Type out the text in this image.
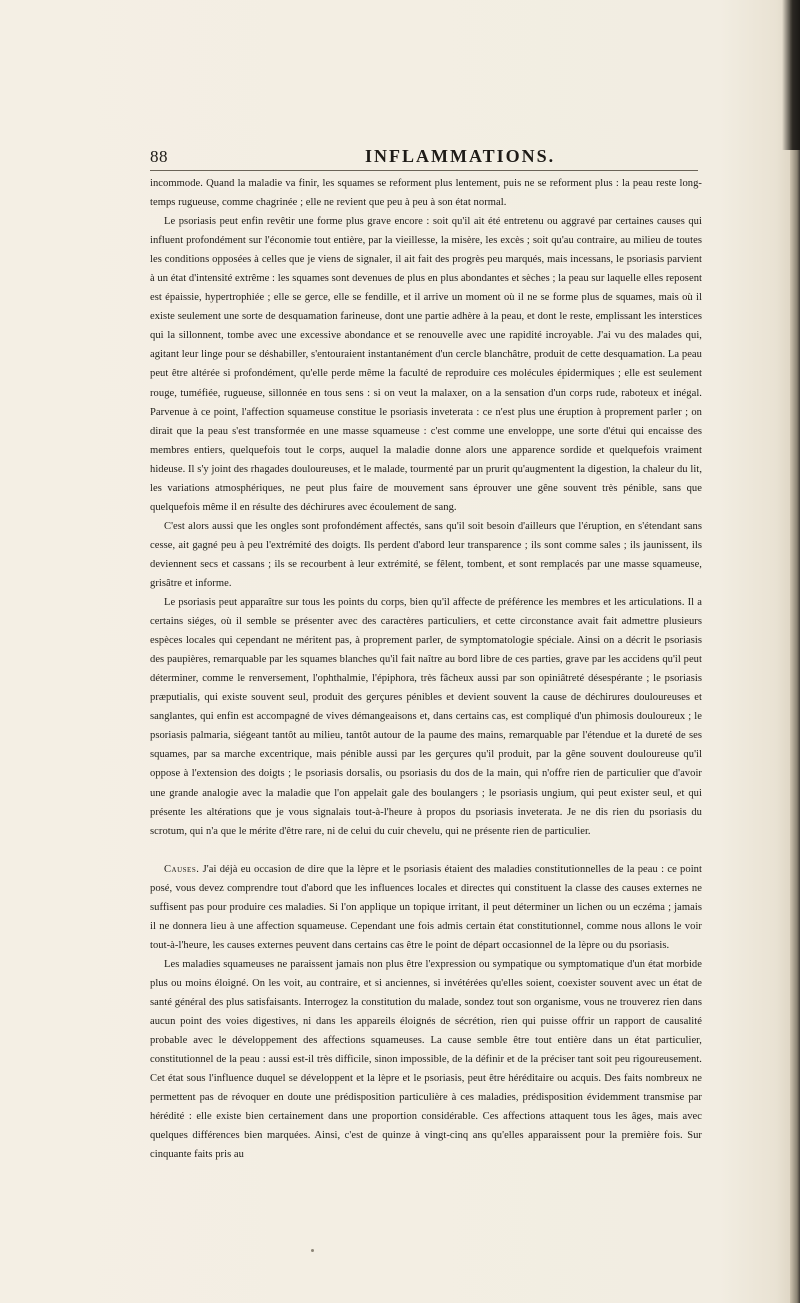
88	INFLAMMATIONS.

incommode. Quand la maladie va finir, les squames se reforment plus lentement, puis ne se reforment plus : la peau reste long-temps rugueuse, comme chagrinée ; elle ne revient que peu à peu à son état normal.

Le psoriasis peut enfin revêtir une forme plus grave encore : soit qu'il ait été entretenu ou aggravé par certaines causes qui influent profondément sur l'économie tout entière, par la vieillesse, la misère, les excès ; soit qu'au contraire, au milieu de toutes les conditions opposées à celles que je viens de signaler, il ait fait des progrès peu marqués, mais incessans, le psoriasis parvient à un état d'intensité extrême : les squames sont devenues de plus en plus abondantes et sèches ; la peau sur laquelle elles reposent est épaissie, hypertrophiée ; elle se gerce, elle se fendille, et il arrive un moment où il ne se forme plus de squames, mais où il existe seulement une sorte de desquamation farineuse, dont une partie adhère à la peau, et dont le reste, emplissant les interstices qui la sillonnent, tombe avec une excessive abondance et se renouvelle avec une rapidité incroyable. J'ai vu des malades qui, agitant leur linge pour se déshabiller, s'entouraient instantanément d'un cercle blanchâtre, produit de cette desquamation. La peau peut être altérée si profondément, qu'elle perde même la faculté de reproduire ces molécules épidermiques ; elle est seulement rouge, tuméfiée, rugueuse, sillonnée en tous sens : si on veut la malaxer, on a la sensation d'un corps rude, raboteux et inégal. Parvenue à ce point, l'affection squameuse constitue le psoriasis inveterata : ce n'est plus une éruption à proprement parler ; on dirait que la peau s'est transformée en une masse squameuse : c'est comme une enveloppe, une sorte d'étui qui encaisse des membres entiers, quelquefois tout le corps, auquel la maladie donne alors une apparence sordide et quelquefois vraiment hideuse. Il s'y joint des rhagades douloureuses, et le malade, tourmenté par un prurit qu'augmentent la digestion, la chaleur du lit, les variations atmosphériques, ne peut plus faire de mouvement sans éprouver une gêne souvent très pénible, sans que quelquefois même il en résulte des déchirures avec écoulement de sang.

C'est alors aussi que les ongles sont profondément affectés, sans qu'il soit besoin d'ailleurs que l'éruption, en s'étendant sans cesse, ait gagné peu à peu l'extrémité des doigts. Ils perdent d'abord leur transparence ; ils sont comme sales ; ils jaunissent, ils deviennent secs et cassans ; ils se recourbent à leur extrémité, se fêlent, tombent, et sont remplacés par une masse squameuse, grisâtre et informe.

Le psoriasis peut apparaître sur tous les points du corps, bien qu'il affecte de préférence les membres et les articulations. Il a certains siéges, où il semble se présenter avec des caractères particuliers, et cette circonstance avait fait admettre plusieurs espèces locales qui cependant ne méritent pas, à proprement parler, de symptomatologie spéciale. Ainsi on a décrit le psoriasis des paupières, remarquable par les squames blanches qu'il fait naître au bord libre de ces parties, grave par les accidens qu'il peut déterminer, comme le renversement, l'ophthalmie, l'épiphora, très fâcheux aussi par son opiniâtreté désespérante ; le psoriasis præputialis, qui existe souvent seul, produit des gerçures pénibles et devient souvent la cause de déchirures douloureuses et sanglantes, qui enfin est accompagné de vives démangeaisons et, dans certains cas, est compliqué d'un phimosis douloureux ; le psoriasis palmaria, siégeant tantôt au milieu, tantôt autour de la paume des mains, remarquable par l'étendue et la dureté de ses squames, par sa marche excentrique, mais pénible aussi par les gerçures qu'il produit, par la gêne souvent douloureuse qu'il oppose à l'extension des doigts ; le psoriasis dorsalis, ou psoriasis du dos de la main, qui n'offre rien de particulier que d'avoir une grande analogie avec la maladie que l'on appelait gale des boulangers ; le psoriasis ungium, qui peut exister seul, et qui présente les altérations que je vous signalais tout-à-l'heure à propos du psoriasis inveterata. Je ne dis rien du psoriasis du scrotum, qui n'a que le mérite d'être rare, ni de celui du cuir chevelu, qui ne présente rien de particulier.

Causes. J'ai déjà eu occasion de dire que la lèpre et le psoriasis étaient des maladies constitutionnelles de la peau : ce point posé, vous devez comprendre tout d'abord que les influences locales et directes qui constituent la classe des causes externes ne suffisent pas pour produire ces maladies. Si l'on applique un topique irritant, il peut déterminer un lichen ou un eczéma ; jamais il ne donnera lieu à une affection squameuse. Cependant une fois admis certain état constitutionnel, comme nous allons le voir tout-à-l'heure, les causes externes peuvent dans certains cas être le point de départ occasionnel de la lèpre ou du psoriasis.

Les maladies squameuses ne paraissent jamais non plus être l'expression ou sympatique ou symptomatique d'un état morbide plus ou moins éloigné. On les voit, au contraire, et si anciennes, si invétérées qu'elles soient, coexister souvent avec un état de santé général des plus satisfaisants. Interrogez la constitution du malade, sondez tout son organisme, vous ne trouverez rien dans aucun point des voies digestives, ni dans les appareils éloignés de sécrétion, rien qui puisse offrir un rapport de causalité probable avec le développement des affections squameuses. La cause semble être tout entière dans un état particulier, constitutionnel de la peau : aussi est-il très difficile, sinon impossible, de la définir et de la préciser tant soit peu rigoureusement. Cet état sous l'influence duquel se développent et la lèpre et le psoriasis, peut être héréditaire ou acquis. Des faits nombreux ne permettent pas de révoquer en doute une prédisposition particulière à ces maladies, prédisposition évidemment transmise par hérédité : elle existe bien certainement dans une proportion considérable. Ces affections attaquent tous les âges, mais avec quelques différences bien marquées. Ainsi, c'est de quinze à vingt-cinq ans qu'elles apparaissent pour la première fois. Sur cinquante faits pris au
